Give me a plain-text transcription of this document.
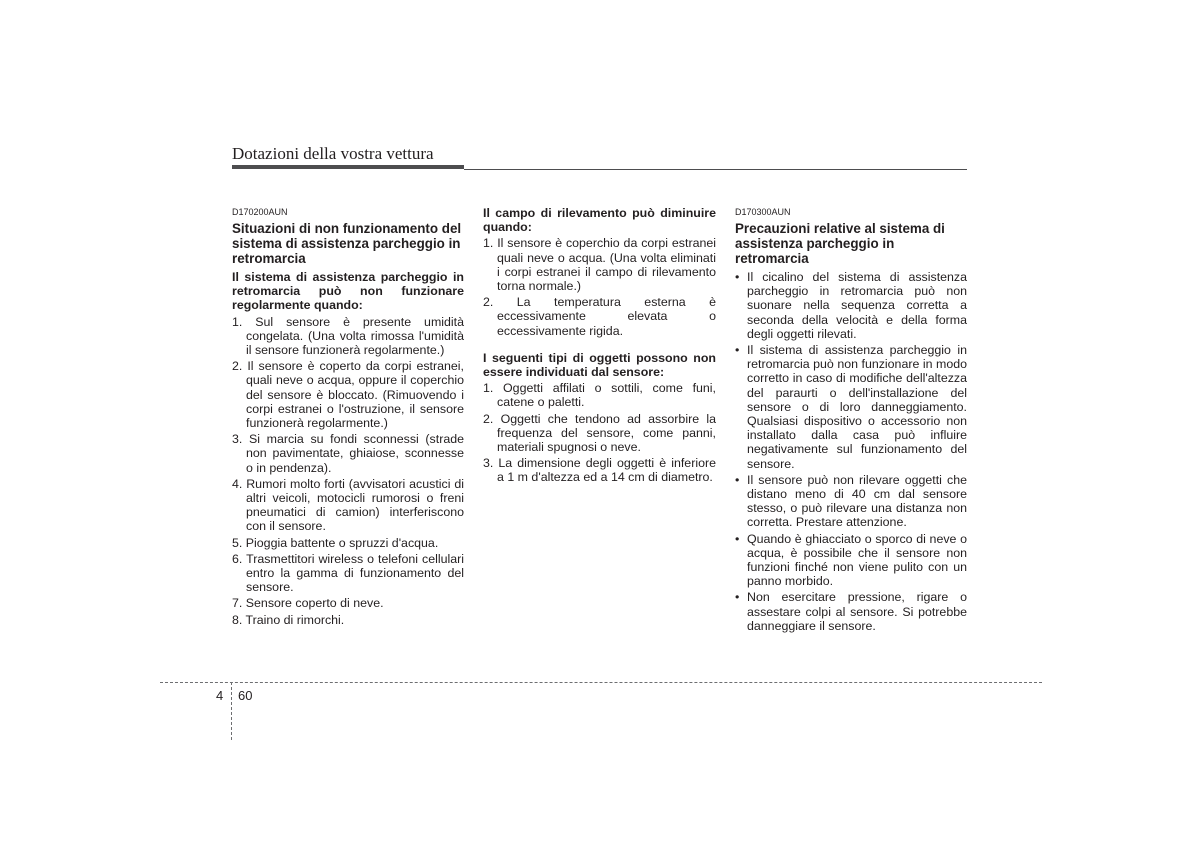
Dotazioni della vostra vettura
D170200AUN
Situazioni di non funzionamento del sistema di assistenza parcheggio in retromarcia
Il sistema di assistenza parcheggio in retromarcia può non funzionare regolarmente quando:
1. Sul sensore è presente umidità congelata. (Una volta rimossa l'umidità il sensore funzionerà regolarmente.)
2. Il sensore è coperto da corpi estranei, quali neve o acqua, oppure il coperchio del sensore è bloccato. (Rimuovendo i corpi estranei o l'ostruzione, il sensore funzionerà regolarmente.)
3. Si marcia su fondi sconnessi (strade non pavimentate, ghiaiose, sconnesse o in pendenza).
4. Rumori molto forti (avvisatori acustici di altri veicoli, motocicli rumorosi o freni pneumatici di camion) interferiscono con il sensore.
5. Pioggia battente o spruzzi d'acqua.
6. Trasmettitori wireless o telefoni cellulari entro la gamma di funzionamento del sensore.
7. Sensore coperto di neve.
8. Traino di rimorchi.
Il campo di rilevamento può diminuire quando:
1. Il sensore è coperchio da corpi estranei quali neve o acqua. (Una volta eliminati i corpi estranei il campo di rilevamento torna normale.)
2. La temperatura esterna è eccessivamente elevata o eccessivamente rigida.
I seguenti tipi di oggetti possono non essere individuati dal sensore:
1. Oggetti affilati o sottili, come funi, catene o paletti.
2. Oggetti che tendono ad assorbire la frequenza del sensore, come panni, materiali spugnosi o neve.
3. La dimensione degli oggetti è inferiore a 1 m d'altezza ed a 14 cm di diametro.
D170300AUN
Precauzioni relative al sistema di assistenza parcheggio in retromarcia
• Il cicalino del sistema di assistenza parcheggio in retromarcia può non suonare nella sequenza corretta a seconda della velocità e della forma degli oggetti rilevati.
• Il sistema di assistenza parcheggio in retromarcia può non funzionare in modo corretto in caso di modifiche dell'altezza del paraurti o dell'installazione del sensore o di loro danneggiamento. Qualsiasi dispositivo o accessorio non installato dalla casa può influire negativamente sul funzionamento del sensore.
• Il sensore può non rilevare oggetti che distano meno di 40 cm dal sensore stesso, o può rilevare una distanza non corretta. Prestare attenzione.
• Quando è ghiacciato o sporco di neve o acqua, è possibile che il sensore non funzioni finché non viene pulito con un panno morbido.
• Non esercitare pressione, rigare o assestare colpi al sensore. Si potrebbe danneggiare il sensore.
4 60
